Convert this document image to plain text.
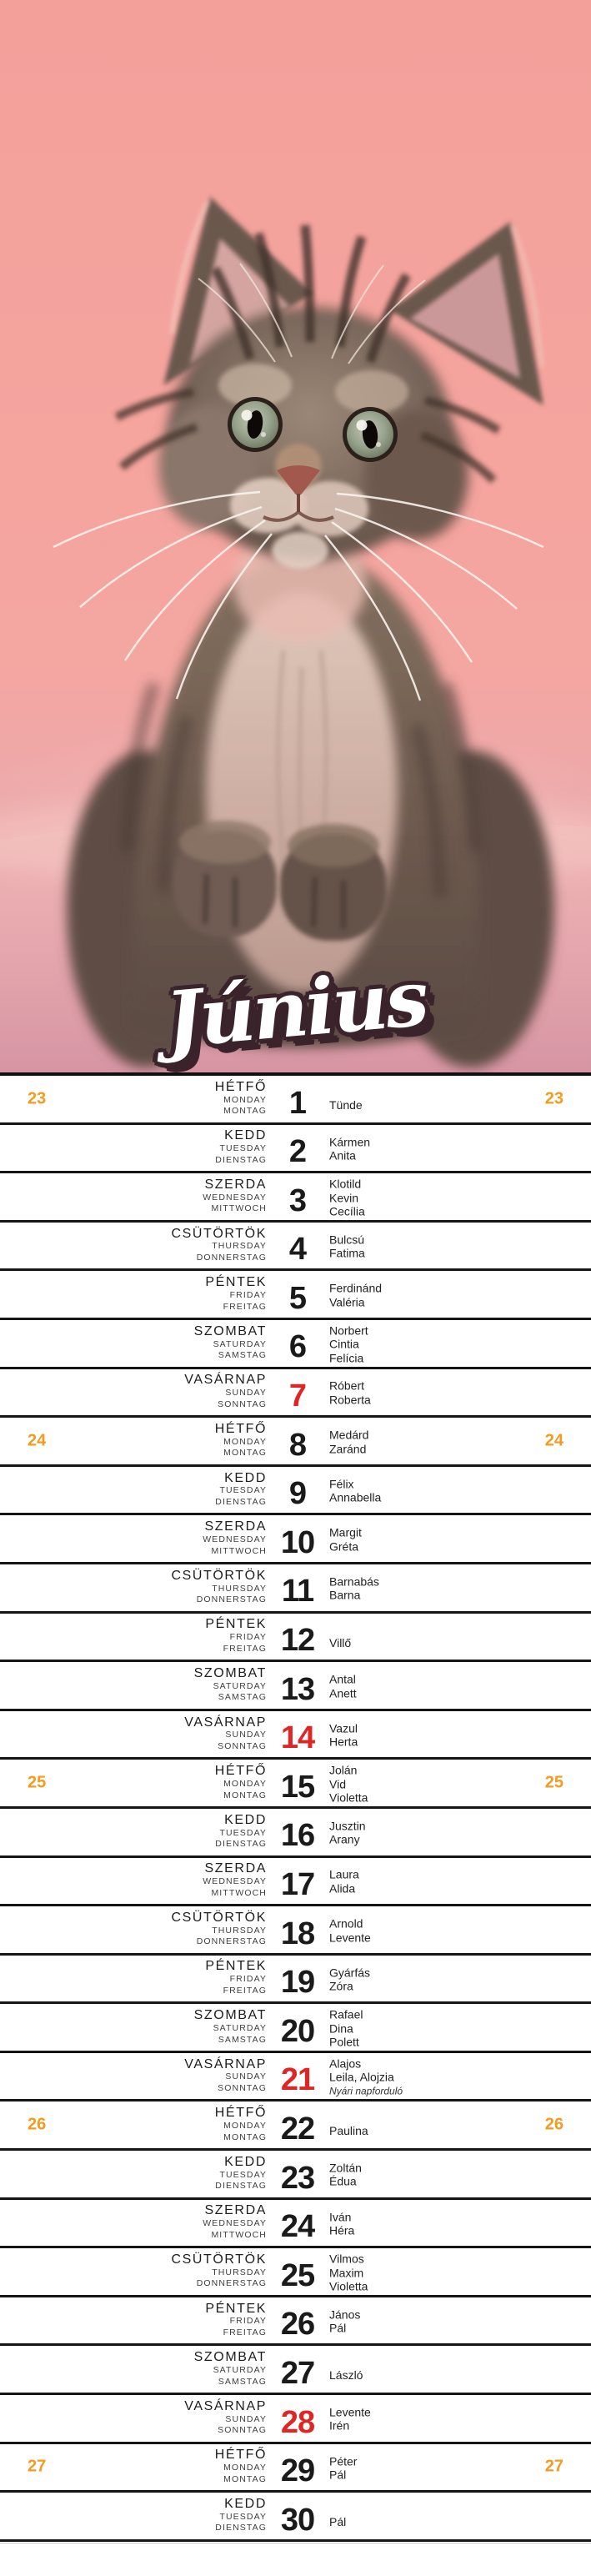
Június
23	23
HÉTFŐ
MONDAY
MONTAG 1	Tünde
KEDD
TUESDAY
DIENSTAG 2	Kármen
Anita
SZERDA
WEDNESDAY
MITTWOCH 3	Klotild
Kevin
Cecília
CSÜTÖRTÖK
THURSDAY
DONNERSTAG 4	Bulcsú
Fatima
PÉNTEK
FRIDAY
FREITAG 5	Ferdinánd
Valéria
SZOMBAT
SATURDAY
SAMSTAG 6	Norbert
Cintia
Felícia
VASÁRNAP
SUNDAY
SONNTAG 7	Róbert
Roberta
24	24
HÉTFŐ
MONDAY
MONTAG 8	Medárd
Zaránd
KEDD
TUESDAY
DIENSTAG 9	Félix
Annabella
SZERDA
WEDNESDAY
MITTWOCH 10	Margit
Gréta
CSÜTÖRTÖK
THURSDAY
DONNERSTAG 11	Barnabás
Barna
PÉNTEK
FRIDAY
FREITAG 12	Villő
SZOMBAT
SATURDAY
SAMSTAG 13	Antal
Anett
VASÁRNAP
SUNDAY
SONNTAG 14	Vazul
Herta
25	25
HÉTFŐ
MONDAY
MONTAG 15	Jolán
Vid
Violetta
KEDD
TUESDAY
DIENSTAG 16	Jusztin
Arany
SZERDA
WEDNESDAY
MITTWOCH 17	Laura
Alida
CSÜTÖRTÖK
THURSDAY
DONNERSTAG 18	Arnold
Levente
PÉNTEK
FRIDAY
FREITAG 19	Gyárfás
Zóra
SZOMBAT
SATURDAY
SAMSTAG 20	Rafael
Dina
Polett
VASÁRNAP
SUNDAY
SONNTAG 21	Alajos
Leila, Alojzia
Nyári napforduló
26	26
HÉTFŐ
MONDAY
MONTAG 22	Paulina
KEDD
TUESDAY
DIENSTAG 23	Zoltán
Édua
SZERDA
WEDNESDAY
MITTWOCH 24	Iván
Héra
CSÜTÖRTÖK
THURSDAY
DONNERSTAG 25	Vilmos
Maxim
Violetta
PÉNTEK
FRIDAY
FREITAG 26	János
Pál
SZOMBAT
SATURDAY
SAMSTAG 27	László
VASÁRNAP
SUNDAY
SONNTAG 28	Levente
Irén
27	27
HÉTFŐ
MONDAY
MONTAG 29	Péter
Pál
KEDD
TUESDAY
DIENSTAG 30	Pál
